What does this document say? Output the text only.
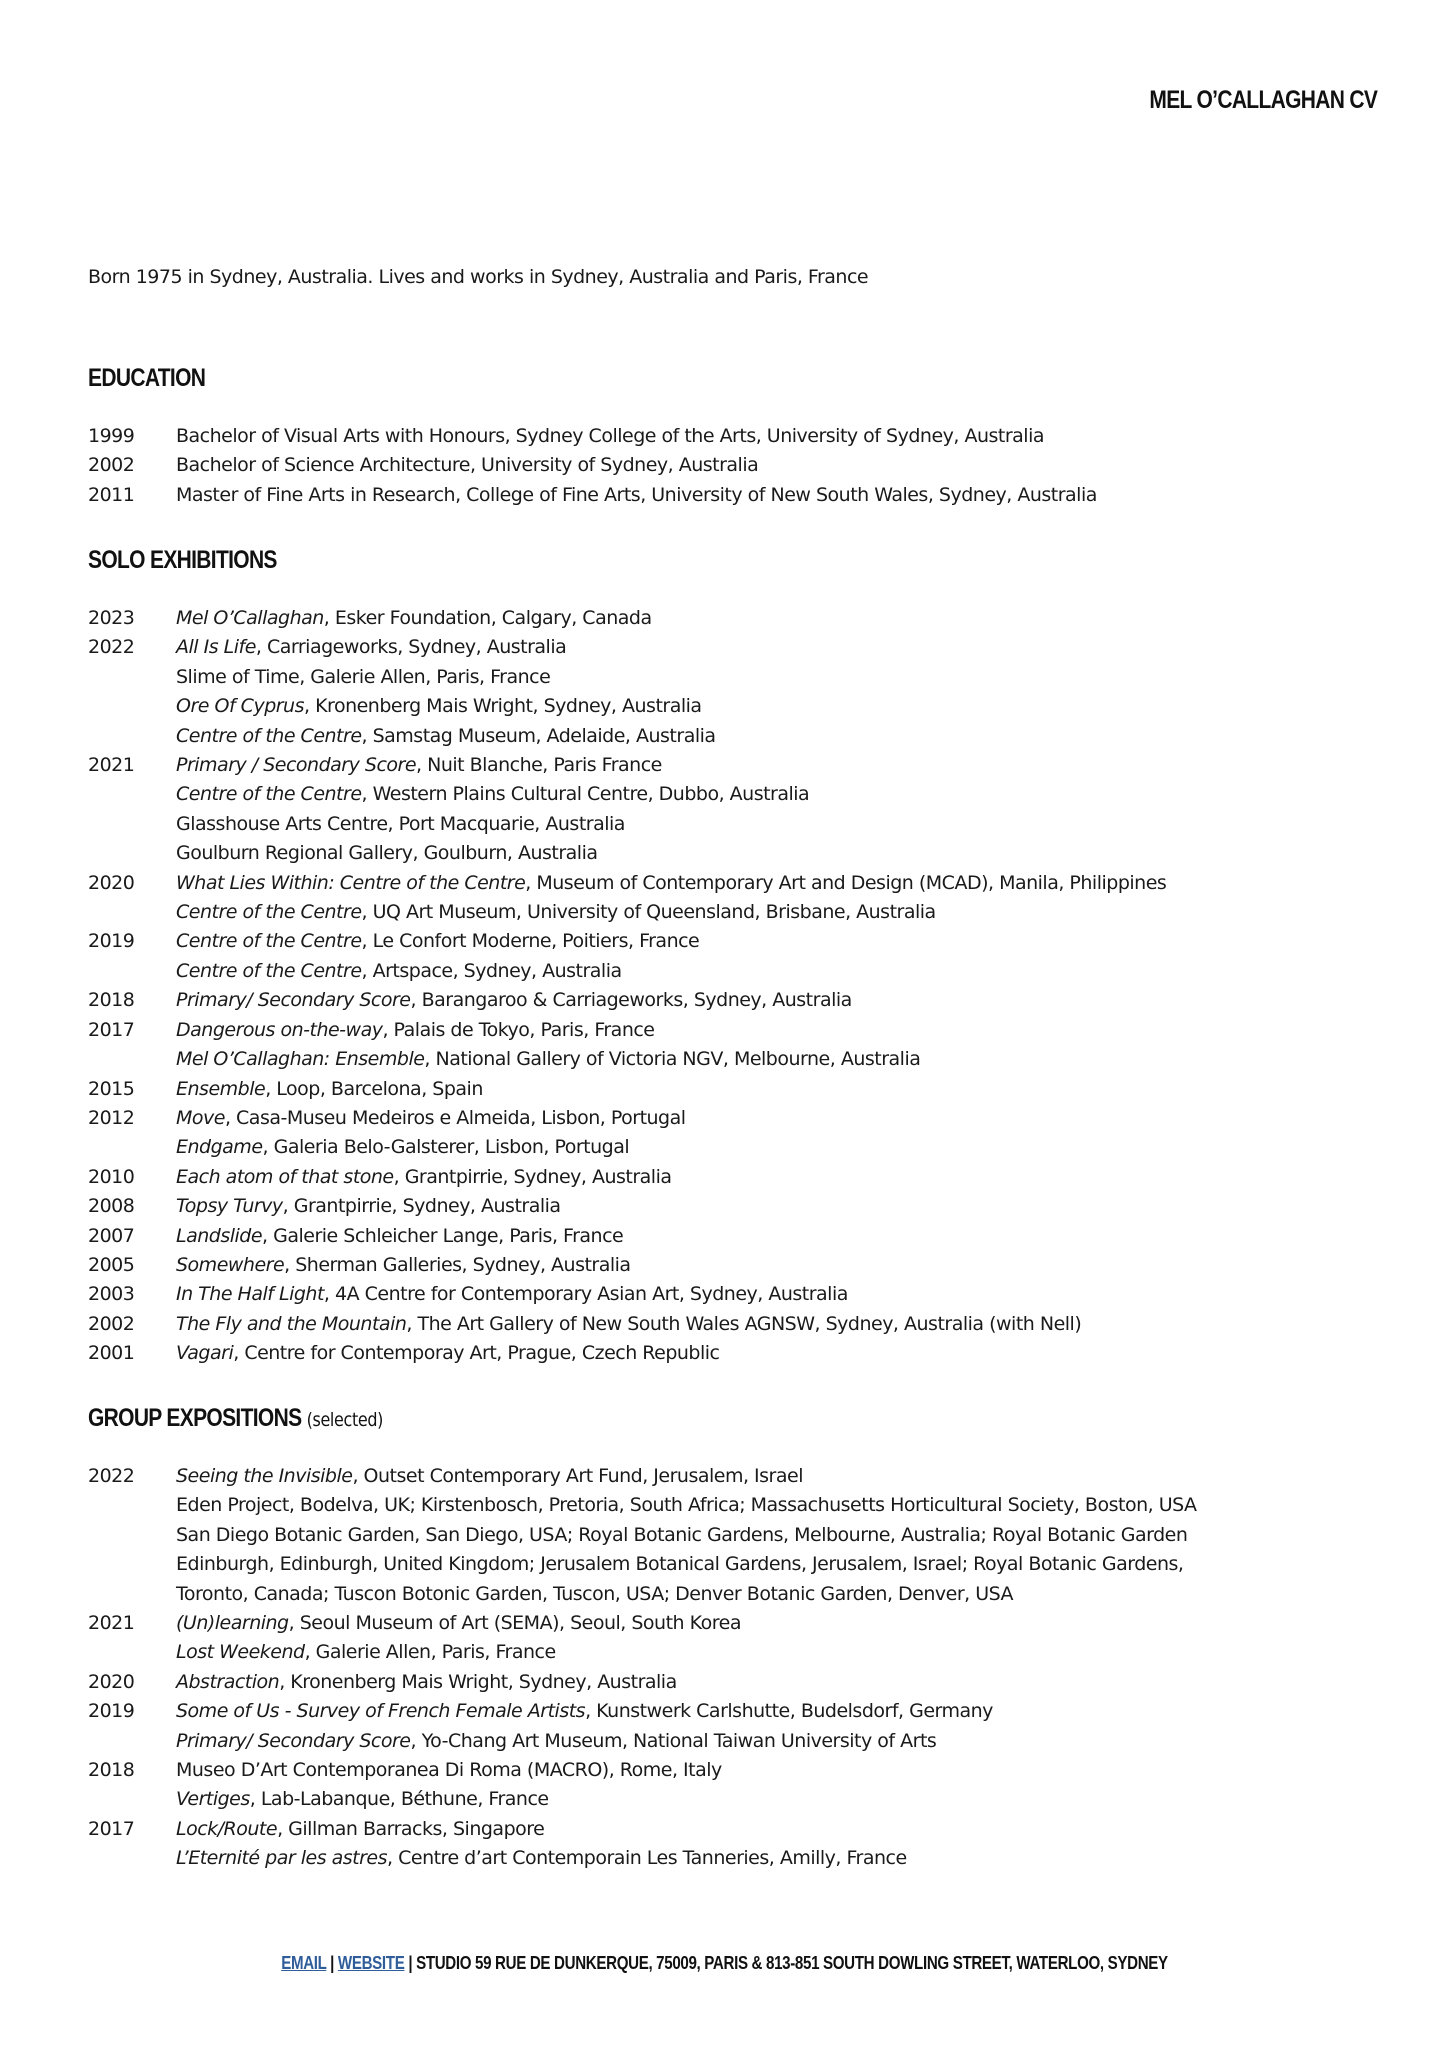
MEL O’CALLAGHAN CV

Born 1975 in Sydney, Australia. Lives and works in Sydney, Australia and Paris, France

EDUCATION
1999	Bachelor of Visual Arts with Honours, Sydney College of the Arts, University of Sydney, Australia
2002	Bachelor of Science Architecture, University of Sydney, Australia
2011	Master of Fine Arts in Research, College of Fine Arts, University of New South Wales, Sydney, Australia
SOLO EXHIBITIONS
2023	Mel O’Callaghan, Esker Foundation, Calgary, Canada
2022	All Is Life, Carriageworks, Sydney, Australia
Slime of Time, Galerie Allen, Paris, France
Ore Of Cyprus, Kronenberg Mais Wright, Sydney, Australia
Centre of the Centre, Samstag Museum, Adelaide, Australia
2021	Primary / Secondary Score, Nuit Blanche, Paris France
Centre of the Centre, Western Plains Cultural Centre, Dubbo, Australia
Glasshouse Arts Centre, Port Macquarie, Australia
Goulburn Regional Gallery, Goulburn, Australia
2020	What Lies Within: Centre of the Centre, Museum of Contemporary Art and Design (MCAD), Manila, Philippines
Centre of the Centre, UQ Art Museum, University of Queensland, Brisbane, Australia
2019	Centre of the Centre, Le Confort Moderne, Poitiers, France
Centre of the Centre, Artspace, Sydney, Australia
2018	Primary/ Secondary Score, Barangaroo & Carriageworks, Sydney, Australia
2017	Dangerous on-the-way, Palais de Tokyo, Paris, France
Mel O’Callaghan: Ensemble, National Gallery of Victoria NGV, Melbourne, Australia
2015	Ensemble, Loop, Barcelona, Spain
2012	Move, Casa-Museu Medeiros e Almeida, Lisbon, Portugal
Endgame, Galeria Belo-Galsterer, Lisbon, Portugal
2010	Each atom of that stone, Grantpirrie, Sydney, Australia
2008	Topsy Turvy, Grantpirrie, Sydney, Australia
2007	Landslide, Galerie Schleicher Lange, Paris, France
2005	Somewhere, Sherman Galleries, Sydney, Australia
2003	In The Half Light, 4A Centre for Contemporary Asian Art, Sydney, Australia
2002	The Fly and the Mountain, The Art Gallery of New South Wales AGNSW, Sydney, Australia (with Nell)
2001	Vagari, Centre for Contemporay Art, Prague, Czech Republic
GROUP EXPOSITIONS (selected)
2022	Seeing the Invisible, Outset Contemporary Art Fund, Jerusalem, Israel
Eden Project, Bodelva, UK; Kirstenbosch, Pretoria, South Africa; Massachusetts Horticultural Society, Boston, USA
San Diego Botanic Garden, San Diego, USA; Royal Botanic Gardens, Melbourne, Australia; Royal Botanic Garden
Edinburgh, Edinburgh, United Kingdom; Jerusalem Botanical Gardens, Jerusalem, Israel; Royal Botanic Gardens,
Toronto, Canada; Tuscon Botonic Garden, Tuscon, USA; Denver Botanic Garden, Denver, USA
2021	(Un)learning, Seoul Museum of Art (SEMA), Seoul, South Korea
Lost Weekend, Galerie Allen, Paris, France
2020	Abstraction, Kronenberg Mais Wright, Sydney, Australia
2019	Some of Us - Survey of French Female Artists, Kunstwerk Carlshutte, Budelsdorf, Germany
Primary/ Secondary Score, Yo-Chang Art Museum, National Taiwan University of Arts
2018	Museo D’Art Contemporanea Di Roma (MACRO), Rome, Italy
Vertiges, Lab-Labanque, Béthune, France
2017	Lock/Route, Gillman Barracks, Singapore
L’Eternité par les astres, Centre d’art Contemporain Les Tanneries, Amilly, France

EMAIL | WEBSITE | STUDIO 59 RUE DE DUNKERQUE, 75009, PARIS & 813-851 SOUTH DOWLING STREET, WATERLOO, SYDNEY
